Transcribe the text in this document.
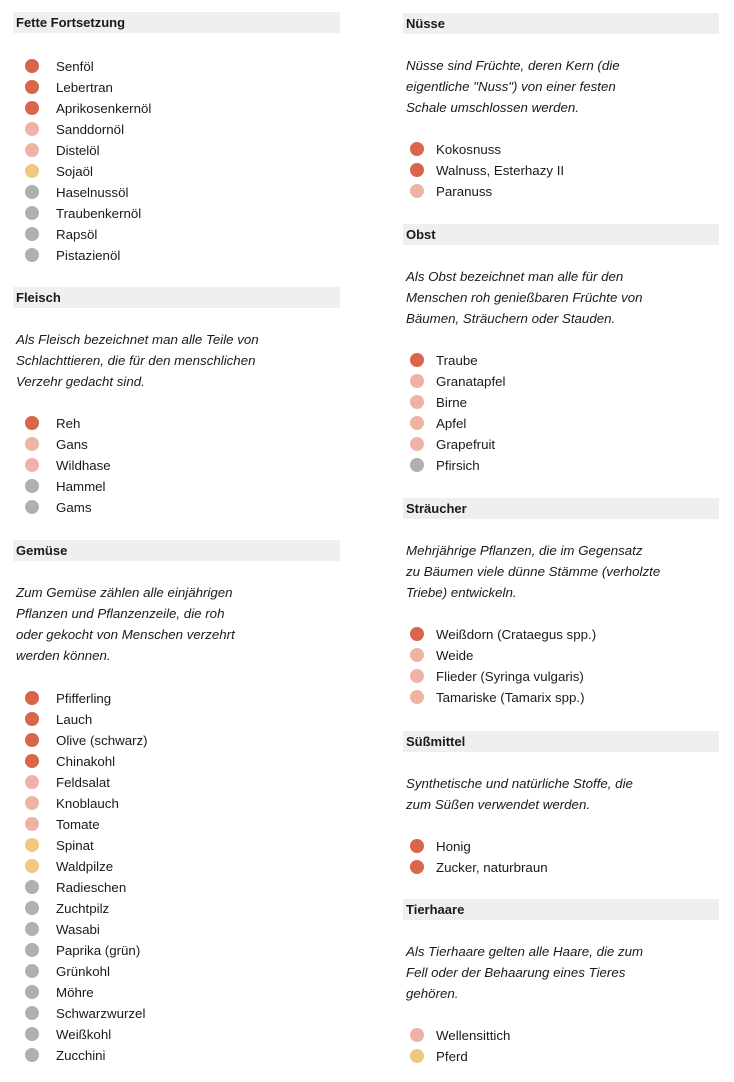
Fette Fortsetzung
Senföl
Lebertran
Aprikosenkernöl
Sanddornöl
Distelöl
Sojaöl
Haselnussöl
Traubenkernöl
Rapsöl
Pistazienöl
Fleisch

Als Fleisch bezeichnet man alle Teile von
Schlachttieren, die für den menschlichen
Verzehr gedacht sind.

Reh
Gans
Wildhase
Hammel
Gams
Gemüse

Zum Gemüse zählen alle einjährigen
Pflanzen und Pflanzenzeile, die roh
oder gekocht von Menschen verzehrt
werden können.

Pfifferling
Lauch
Olive (schwarz)
Chinakohl
Feldsalat
Knoblauch
Tomate
Spinat
Waldpilze
Radieschen
Zuchtpilz
Wasabi
Paprika (grün)
Grünkohl
Möhre
Schwarzwurzel
Weißkohl
Zucchini
Nüsse

Nüsse sind Früchte, deren Kern (die
eigentliche "Nuss") von einer festen
Schale umschlossen werden.

Kokosnuss
Walnuss, Esterhazy II
Paranuss
Obst

Als Obst bezeichnet man alle für den
Menschen roh genießbaren Früchte von
Bäumen, Sträuchern oder Stauden.

Traube
Granatapfel
Birne
Apfel
Grapefruit
Pfirsich
Sträucher

Mehrjährige Pflanzen, die im Gegensatz
zu Bäumen viele dünne Stämme (verholzte
Triebe) entwickeln.

Weißdorn (Crataegus spp.)
Weide
Flieder (Syringa vulgaris)
Tamariske (Tamarix spp.)
Süßmittel

Synthetische und natürliche Stoffe, die
zum Süßen verwendet werden.

Honig
Zucker, naturbraun
Tierhaare

Als Tierhaare gelten alle Haare, die zum
Fell oder der Behaarung eines Tieres
gehören.

Wellensittich
Pferd
